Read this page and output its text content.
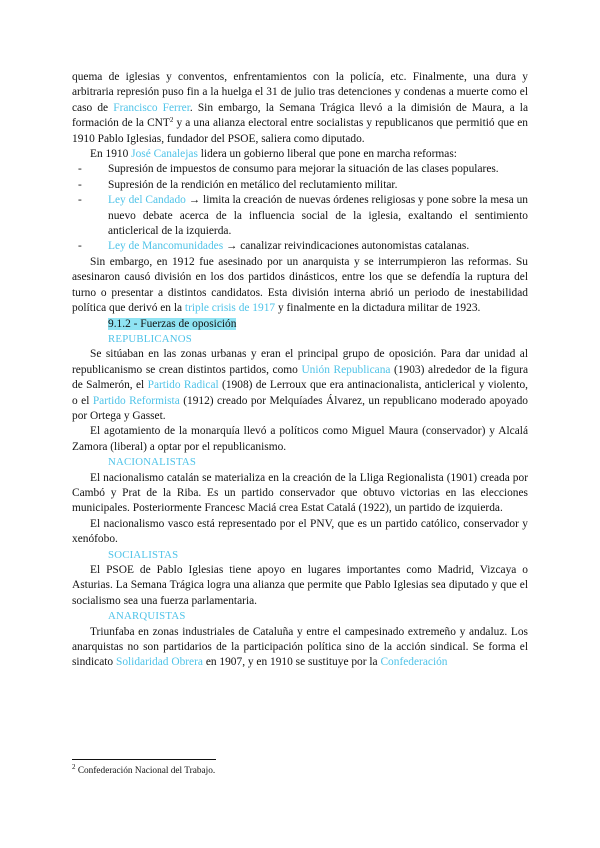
quema de iglesias y conventos, enfrentamientos con la policía, etc. Finalmente, una dura y arbitraria represión puso fin a la huelga el 31 de julio tras detenciones y condenas a muerte como el caso de Francisco Ferrer. Sin embargo, la Semana Trágica llevó a la dimisión de Maura, a la formación de la CNT$^2$ y a una alianza electoral entre socialistas y republicanos que permitió que en 1910 Pablo Iglesias, fundador del PSOE, saliera como diputado.

En 1910 José Canalejas lidera un gobierno liberal que pone en marcha reformas:

- Supresión de impuestos de consumo para mejorar la situación de las clases populares.
- Supresión de la rendición en metálico del reclutamiento militar.
- Ley del Candado → limita la creación de nuevas órdenes religiosas y pone sobre la mesa un nuevo debate acerca de la influencia social de la iglesia, exaltando el sentimiento anticlerical de la izquierda.
- Ley de Mancomunidades → canalizar reivindicaciones autonomistas catalanas.

Sin embargo, en 1912 fue asesinado por un anarquista y se interrumpieron las reformas. Su asesinaron causó división en los dos partidos dinásticos, entre los que se defendía la ruptura del turno o presentar a distintos candidatos. Esta división interna abrió un periodo de inestabilidad política que derivó en la triple crisis de 1917 y finalmente en la dictadura militar de 1923.

9.1.2 - Fuerzas de oposición

REPUBLICANOS

Se sitúaban en las zonas urbanas y eran el principal grupo de oposición. Para dar unidad al republicanismo se crean distintos partidos, como Unión Republicana (1903) alrededor de la figura de Salmerón, el Partido Radical (1908) de Lerroux que era antinacionalista, anticlerical y violento, o el Partido Reformista (1912) creado por Melquíades Álvarez, un republicano moderado apoyado por Ortega y Gasset.

El agotamiento de la monarquía llevó a políticos como Miguel Maura (conservador) y Alcalá Zamora (liberal) a optar por el republicanismo.

NACIONALISTAS

El nacionalismo catalán se materializa en la creación de la Lliga Regionalista (1901) creada por Cambó y Prat de la Riba. Es un partido conservador que obtuvo victorias en las elecciones municipales. Posteriormente Francesc Maciá crea Estat Catalá (1922), un partido de izquierda.

El nacionalismo vasco está representado por el PNV, que es un partido católico, conservador y xenófobo.

SOCIALISTAS

El PSOE de Pablo Iglesias tiene apoyo en lugares importantes como Madrid, Vizcaya o Asturias. La Semana Trágica logra una alianza que permite que Pablo Iglesias sea diputado y que el socialismo sea una fuerza parlamentaria.

ANARQUISTAS

Triunfaba en zonas industriales de Cataluña y entre el campesinado extremeño y andaluz. Los anarquistas no son partidarios de la participación política sino de la acción sindical. Se forma el sindicato Solidaridad Obrera en 1907, y en 1910 se sustituye por la Confederación

$^2$ Confederación Nacional del Trabajo.
